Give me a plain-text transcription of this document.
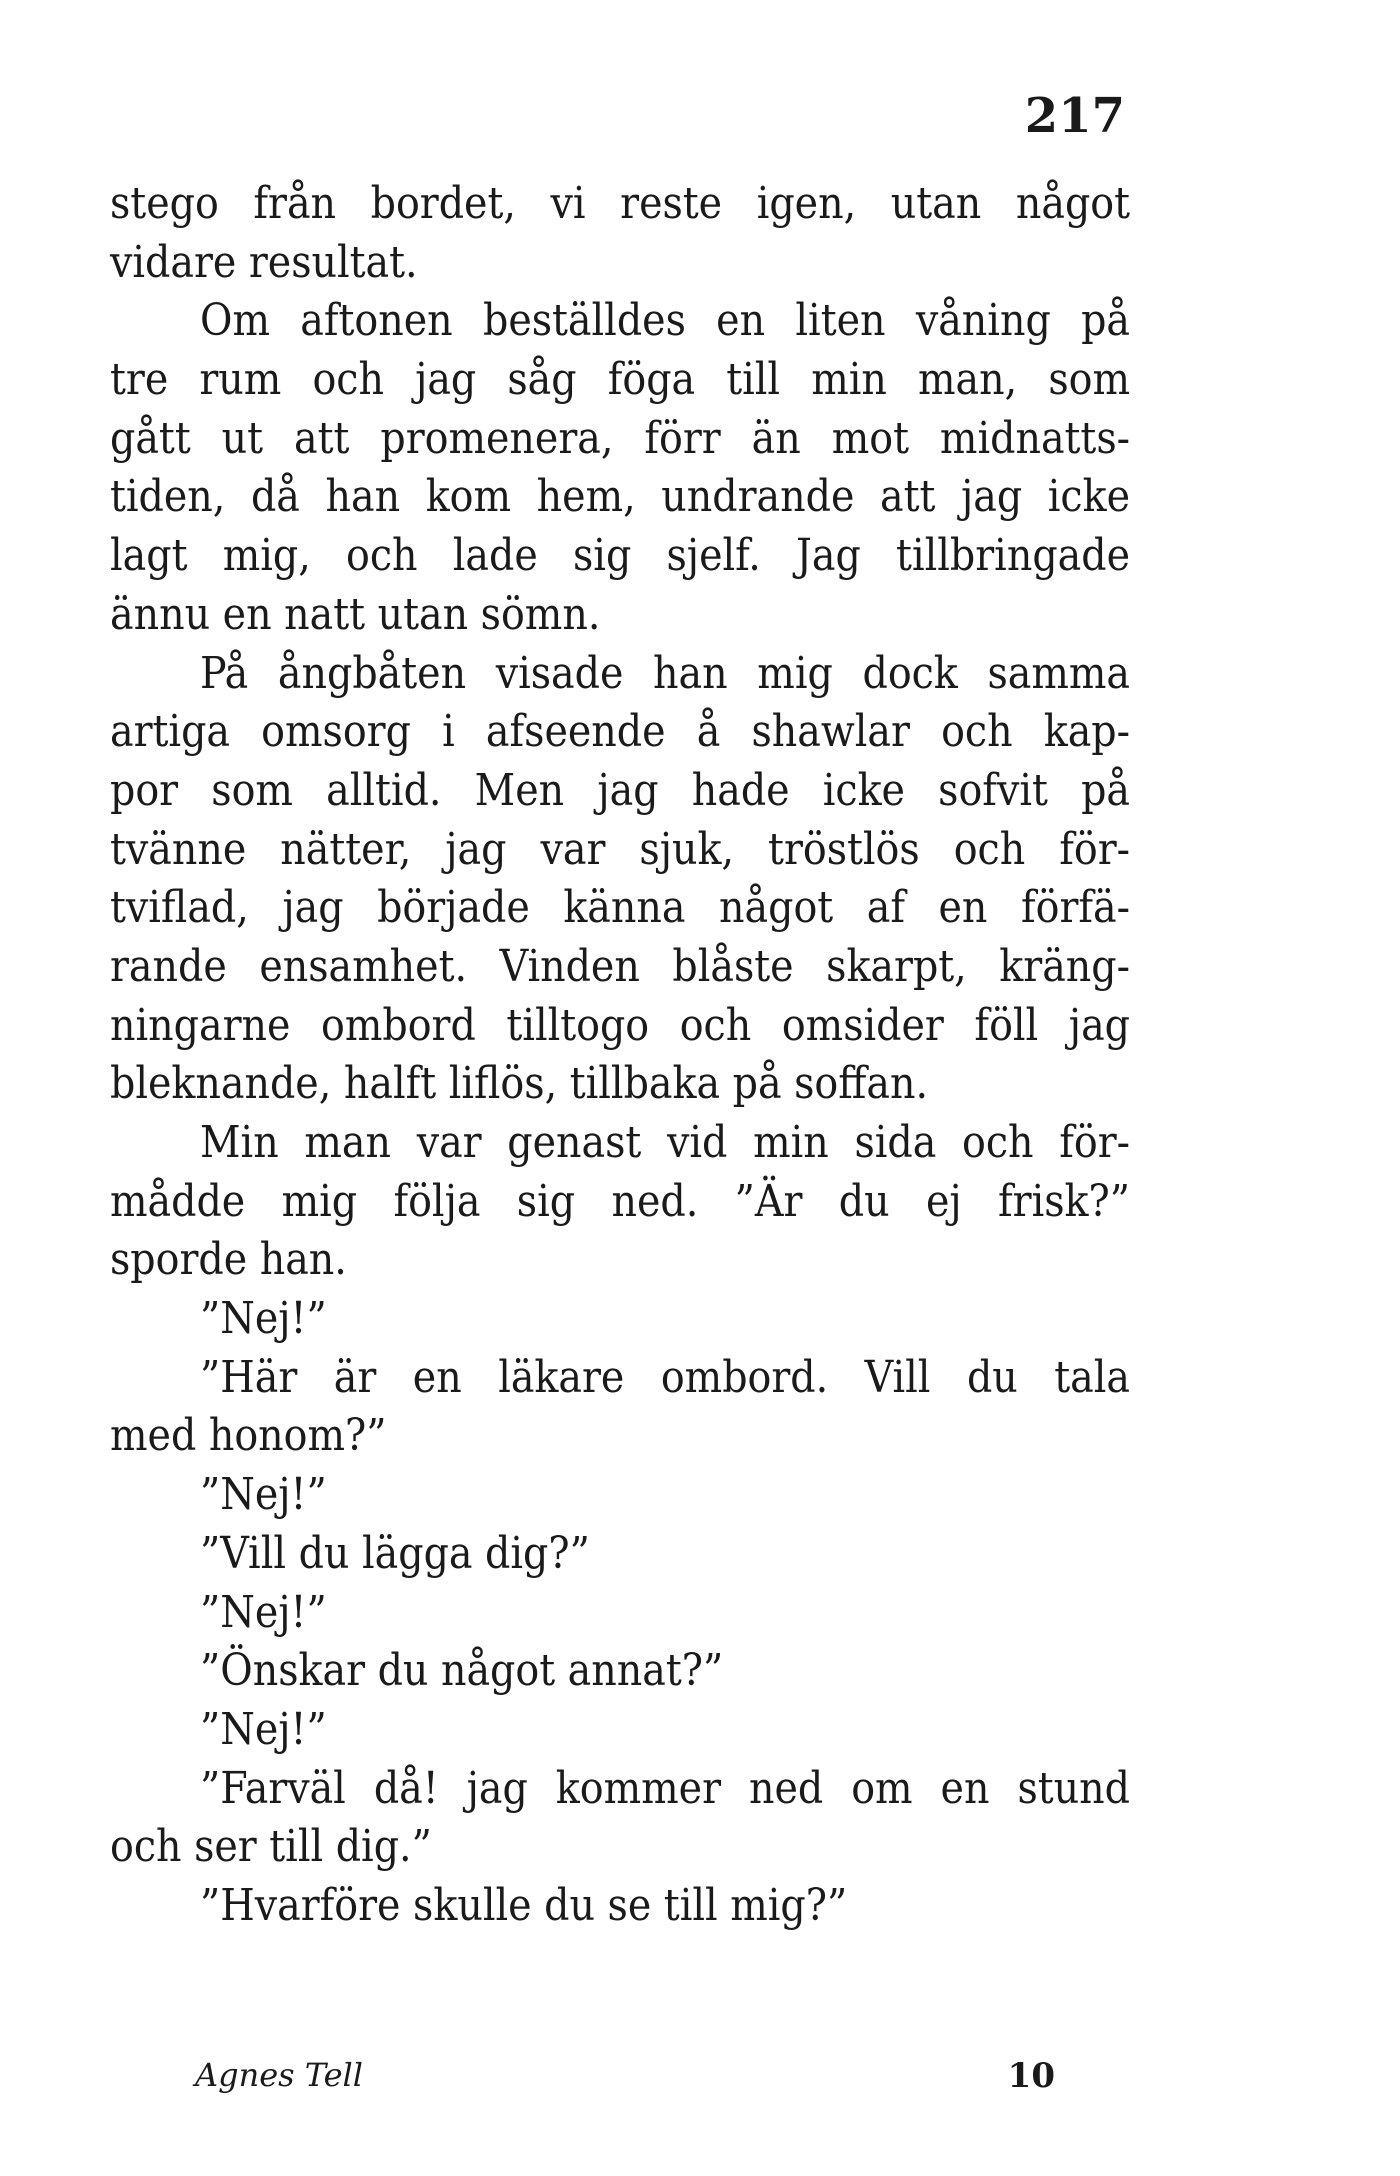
217
stego från bordet, vi reste igen, utan något
vidare resultat.
Om aftonen beställdes en liten våning på
tre rum och jag såg föga till min man, som
gått ut att promenera, förr än mot midnatts-
tiden, då han kom hem, undrande att jag icke
lagt mig, och lade sig sjelf. Jag tillbringade
ännu en natt utan sömn.
På ångbåten visade han mig dock samma
artiga omsorg i afseende å shawlar och kap-
por som alltid. Men jag hade icke sofvit på
tvänne nätter, jag var sjuk, tröstlös och för-
tviflad, jag började känna något af en förfä-
rande ensamhet. Vinden blåste skarpt, kräng-
ningarne ombord tilltogo och omsider föll jag
bleknande, halft liflös, tillbaka på soffan.
Min man var genast vid min sida och för-
mådde mig följa sig ned. ”Är du ej frisk?”
sporde han.
”Nej!”
”Här är en läkare ombord. Vill du tala
med honom?”
”Nej!”
”Vill du lägga dig?”
”Nej!”
”Önskar du något annat?”
”Nej!”
”Farväl då! jag kommer ned om en stund
och ser till dig.”
”Hvarföre skulle du se till mig?”
Agnes Tell	10
